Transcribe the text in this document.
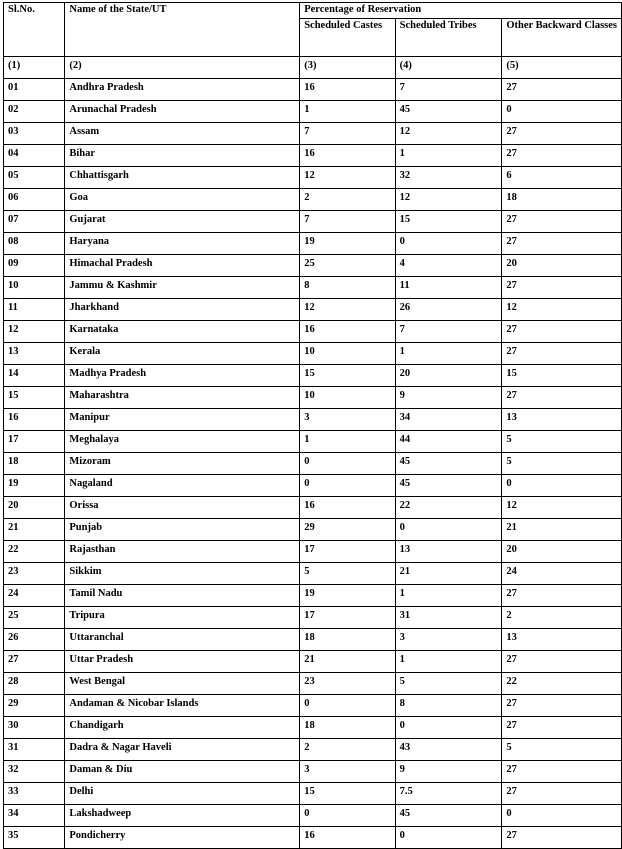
Sl.No.	Name of the State/UT	Percentage of Reservation		
		Scheduled Castes	Scheduled Tribes	Other Backward Classes
(1)	(2)	(3)	(4)	(5)
01	Andhra Pradesh	16	7	27
02	Arunachal Pradesh	1	45	0
03	Assam	7	12	27
04	Bihar	16	1	27
05	Chhattisgarh	12	32	6
06	Goa	2	12	18
07	Gujarat	7	15	27
08	Haryana	19	0	27
09	Himachal Pradesh	25	4	20
10	Jammu & Kashmir	8	11	27
11	Jharkhand	12	26	12
12	Karnataka	16	7	27
13	Kerala	10	1	27
14	Madhya Pradesh	15	20	15
15	Maharashtra	10	9	27
16	Manipur	3	34	13
17	Meghalaya	1	44	5
18	Mizoram	0	45	5
19	Nagaland	0	45	0
20	Orissa	16	22	12
21	Punjab	29	0	21
22	Rajasthan	17	13	20
23	Sikkim	5	21	24
24	Tamil Nadu	19	1	27
25	Tripura	17	31	2
26	Uttaranchal	18	3	13
27	Uttar Pradesh	21	1	27
28	West Bengal	23	5	22
29	Andaman & Nicobar Islands	0	8	27
30	Chandigarh	18	0	27
31	Dadra & Nagar Haveli	2	43	5
32	Daman & Diu	3	9	27
33	Delhi	15	7.5	27
34	Lakshadweep	0	45	0
35	Pondicherry	16	0	27
